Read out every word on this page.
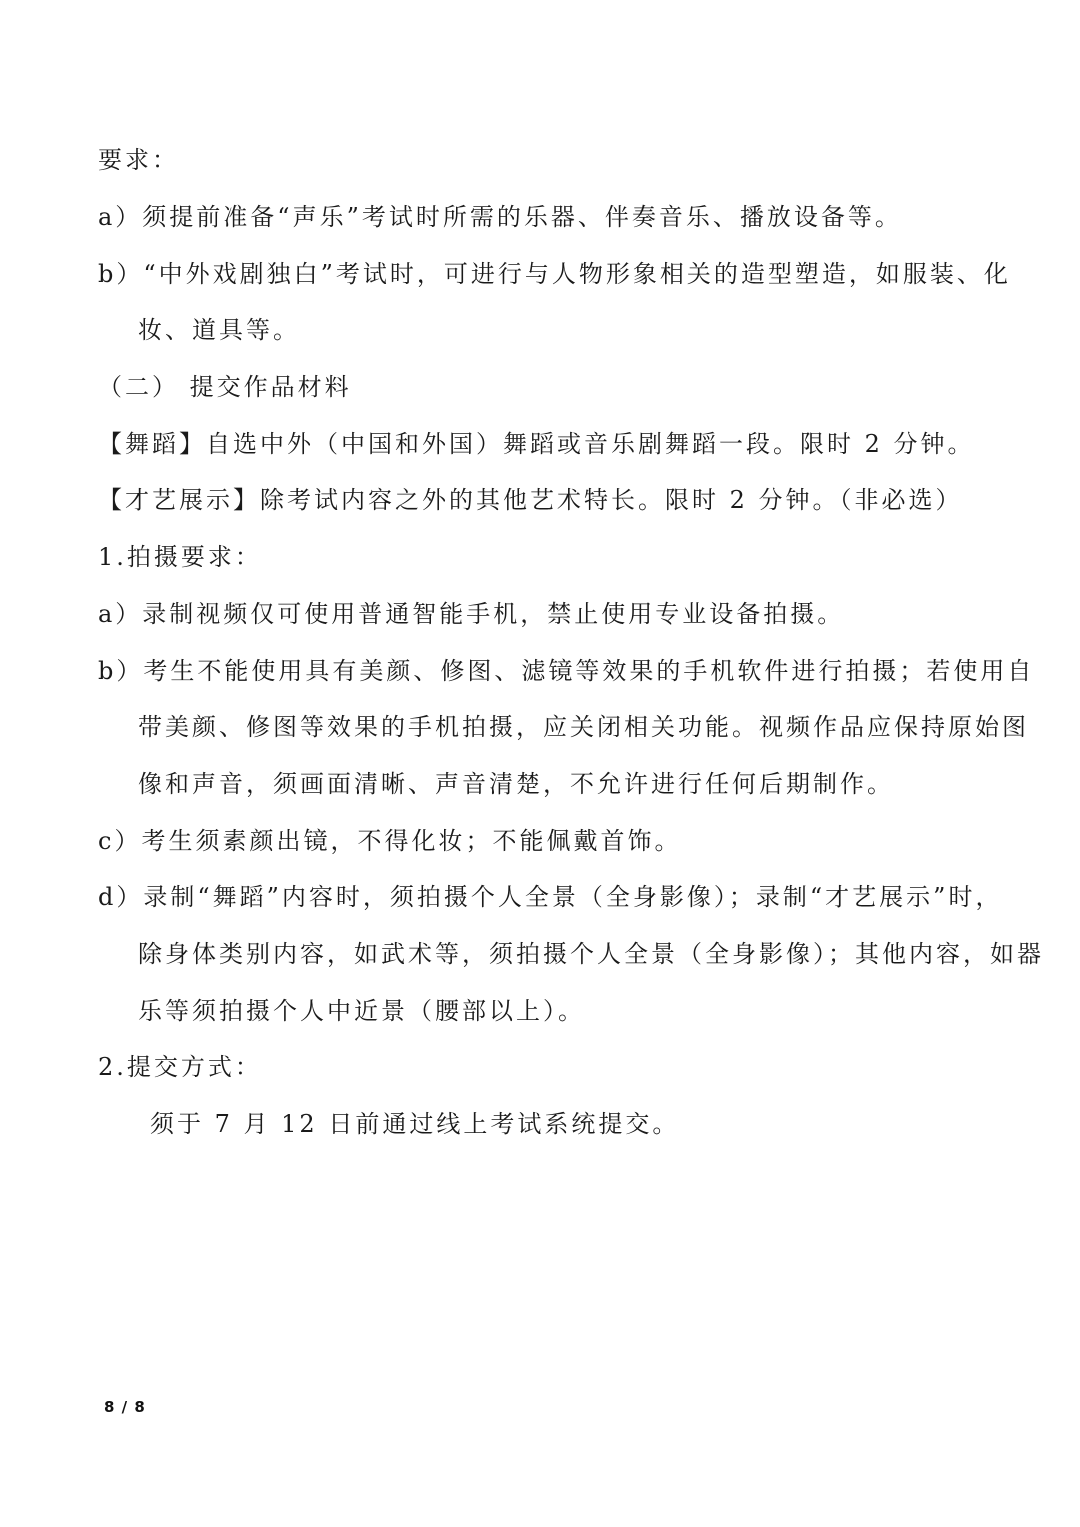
要求：
a）须提前准备“声乐”考试时所需的乐器、伴奏音乐、播放设备等。
b）“中外戏剧独白”考试时，可进行与人物形象相关的造型塑造，如服装、化
妆、道具等。
（二） 提交作品材料
【舞蹈】自选中外（中国和外国）舞蹈或音乐剧舞蹈一段。限时 2 分钟。
【才艺展示】除考试内容之外的其他艺术特长。限时 2 分钟。（非必选）
1.拍摄要求：
a）录制视频仅可使用普通智能手机，禁止使用专业设备拍摄。
b）考生不能使用具有美颜、修图、滤镜等效果的手机软件进行拍摄；若使用自
带美颜、修图等效果的手机拍摄，应关闭相关功能。视频作品应保持原始图
像和声音，须画面清晰、声音清楚，不允许进行任何后期制作。
c）考生须素颜出镜，不得化妆；不能佩戴首饰。
d）录制“舞蹈”内容时，须拍摄个人全景（全身影像）；录制“才艺展示”时，
除身体类别内容，如武术等，须拍摄个人全景（全身影像）；其他内容，如器
乐等须拍摄个人中近景（腰部以上）。
2.提交方式：
须于 7 月 12 日前通过线上考试系统提交。
8 / 8
